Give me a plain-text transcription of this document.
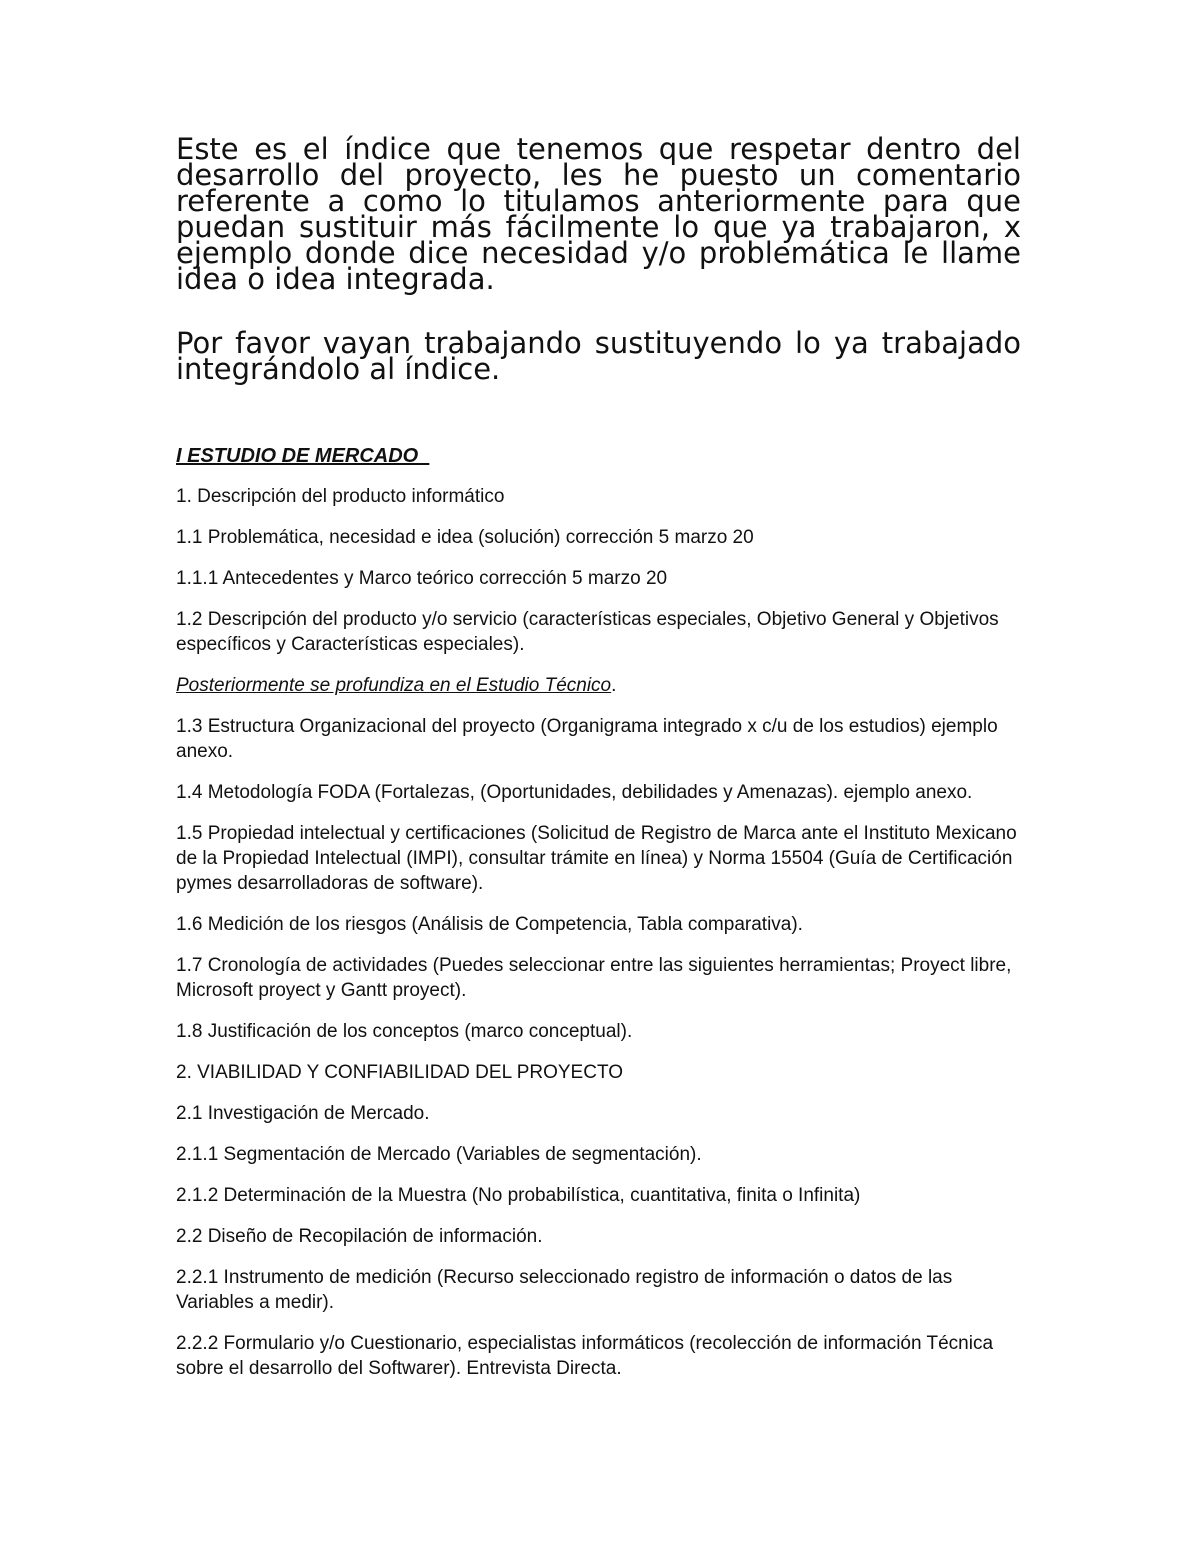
Este es el índice que tenemos que respetar dentro del desarrollo del proyecto, les he puesto un comentario referente a como lo titulamos anteriormente para que puedan sustituir más fácilmente lo que ya trabajaron, x ejemplo donde dice necesidad y/o problemática le llame idea o idea integrada.

Por favor vayan trabajando sustituyendo lo ya trabajado integrándolo al índice.

I ESTUDIO DE MERCADO
1. Descripción del producto informático
1.1 Problemática, necesidad e idea (solución) corrección 5 marzo 20
1.1.1 Antecedentes y Marco teórico corrección 5 marzo 20
1.2 Descripción del producto y/o servicio (características especiales, Objetivo General y Objetivos específicos y Características especiales).
Posteriormente se profundiza en el Estudio Técnico.
1.3 Estructura Organizacional del proyecto (Organigrama integrado x c/u de los estudios) ejemplo anexo.
1.4 Metodología FODA (Fortalezas, (Oportunidades, debilidades y Amenazas). ejemplo anexo.
1.5 Propiedad intelectual y certificaciones (Solicitud de Registro de Marca ante el Instituto Mexicano de la Propiedad Intelectual (IMPI), consultar trámite en línea) y Norma 15504 (Guía de Certificación pymes desarrolladoras de software).
1.6 Medición de los riesgos (Análisis de Competencia, Tabla comparativa).
1.7 Cronología de actividades (Puedes seleccionar entre las siguientes herramientas; Proyect libre, Microsoft proyect y Gantt proyect).
1.8 Justificación de los conceptos (marco conceptual).
2. VIABILIDAD Y CONFIABILIDAD DEL PROYECTO
2.1 Investigación de Mercado.
2.1.1 Segmentación de Mercado (Variables de segmentación).
2.1.2 Determinación de la Muestra (No probabilística, cuantitativa, finita o Infinita)
2.2 Diseño de Recopilación de información.
2.2.1 Instrumento de medición (Recurso seleccionado registro de información o datos de las Variables a medir).
2.2.2 Formulario y/o Cuestionario, especialistas informáticos (recolección de información Técnica sobre el desarrollo del Softwarer). Entrevista Directa.
